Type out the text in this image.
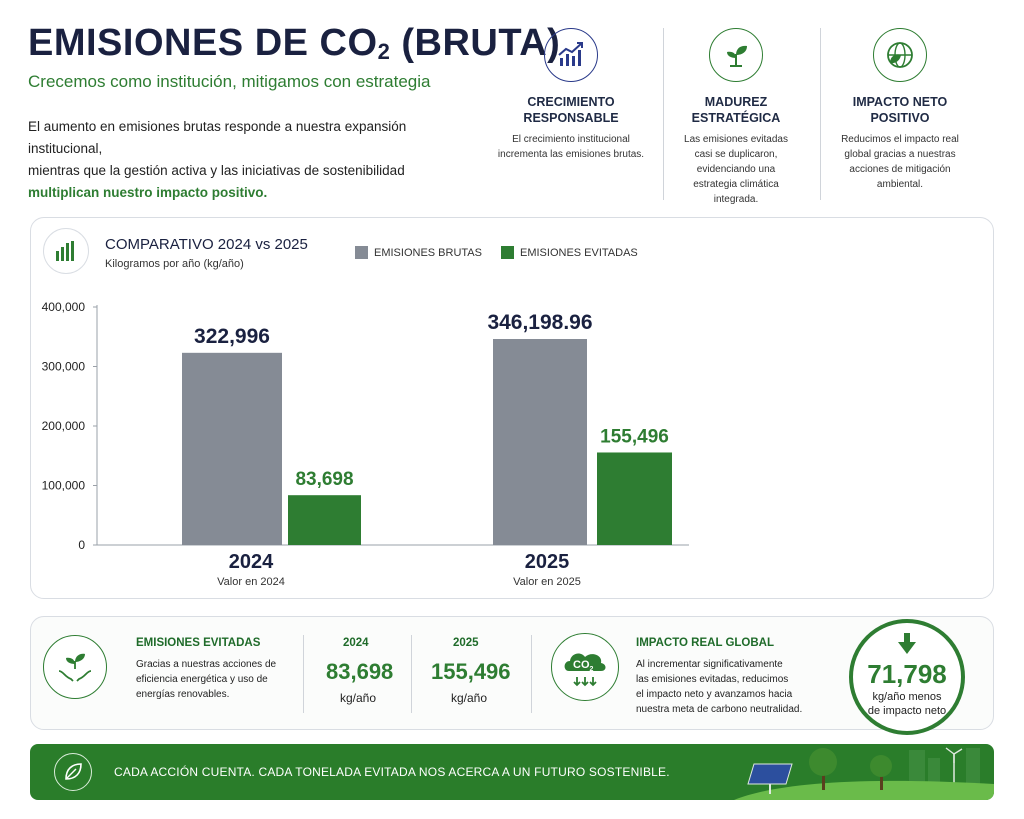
EMISIONES DE $CO_2$ (BRUTA)
Crecemos como institución, mitigamos con estrategia
El aumento en emisiones brutas responde a nuestra expansión institucional,
mientras que la gestión activa y las iniciativas de sostenibilidad
multiplican nuestro impacto positivo.
CRECIMIENTO RESPONSABLE

El crecimiento institucional incrementa las emisiones brutas.

MADUREZ ESTRATÉGICA

Las emisiones evitadas casi se duplicaron, evidenciando una estrategia climática integrada.

IMPACTO NETO POSITIVO

Reducimos el impacto real global gracias a nuestras acciones de mitigación ambiental.

COMPARATIVO 2024 vs 2025
Kilogramos por año (kg/año)
EMISIONES BRUTAS	EMISIONES EVITADAS
0
100,000
200,000
300,000
400,000
322,996
83,698
2024
Valor en 2024
346,198.96
155,496
2025
Valor en 2025
EMISIONES EVITADAS
Gracias a nuestras acciones de
eficiencia energética y uso de
energías renovables.
2024
83,698
kg/año
2025
155,496
kg/año
$CO_2$
IMPACTO REAL GLOBAL
Al incrementar significativamente
las emisiones evitadas, reducimos
el impacto neto y avanzamos hacia
nuestra meta de carbono neutralidad.
71,798
kg/año menos
de impacto neto
CADA ACCIÓN CUENTA. CADA TONELADA EVITADA NOS ACERCA A UN FUTURO SOSTENIBLE.
